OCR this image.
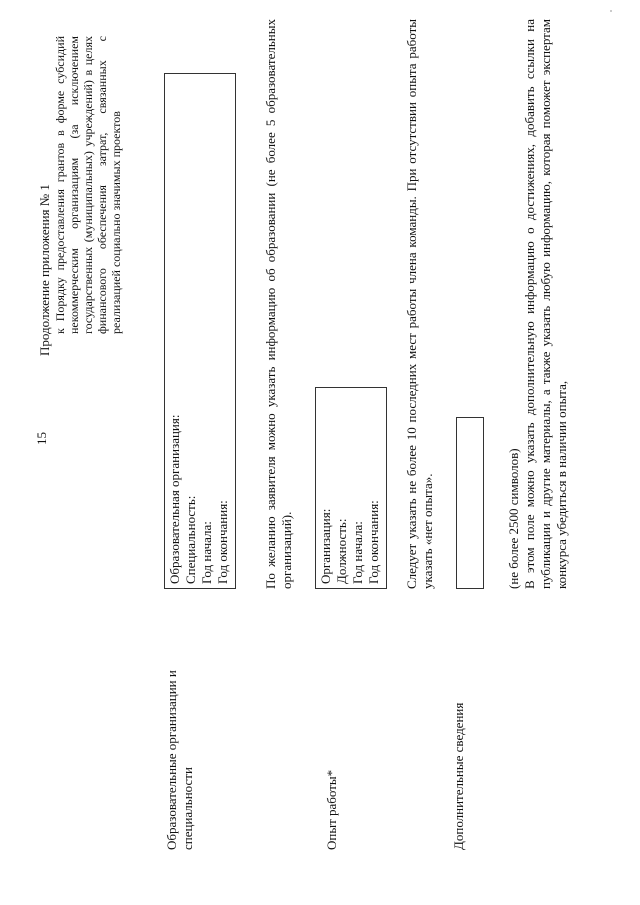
15
Продолжение приложения № 1 к Порядку предоставления грантов в форме субсидий некоммерческим организациям (за исключением государственных (муниципальных) учреждений) в целях финансового обеспечения затрат, связанных с реализацией социально значимых проектов
Образовательные организации и специальности
Образовательная организация: Специальность: Год начала: Год окончания:	По желанию заявителя можно указать информацию об образовании (не более 5 образовательных организаций).
Опыт работы*
Организация: Должность: Год начала: Год окончания: Следует указать не более 10 последних мест работы члена команды. При отсутствии опыта работы указать «нет опыта».
Дополнительные сведения
(не более 2500 символов) В этом поле можно указать дополнительную информацию о достижениях, добавить ссылки на публикации и другие материалы, а также указать любую информацию, которая поможет экспертам конкурса убедиться в наличии опыта,
